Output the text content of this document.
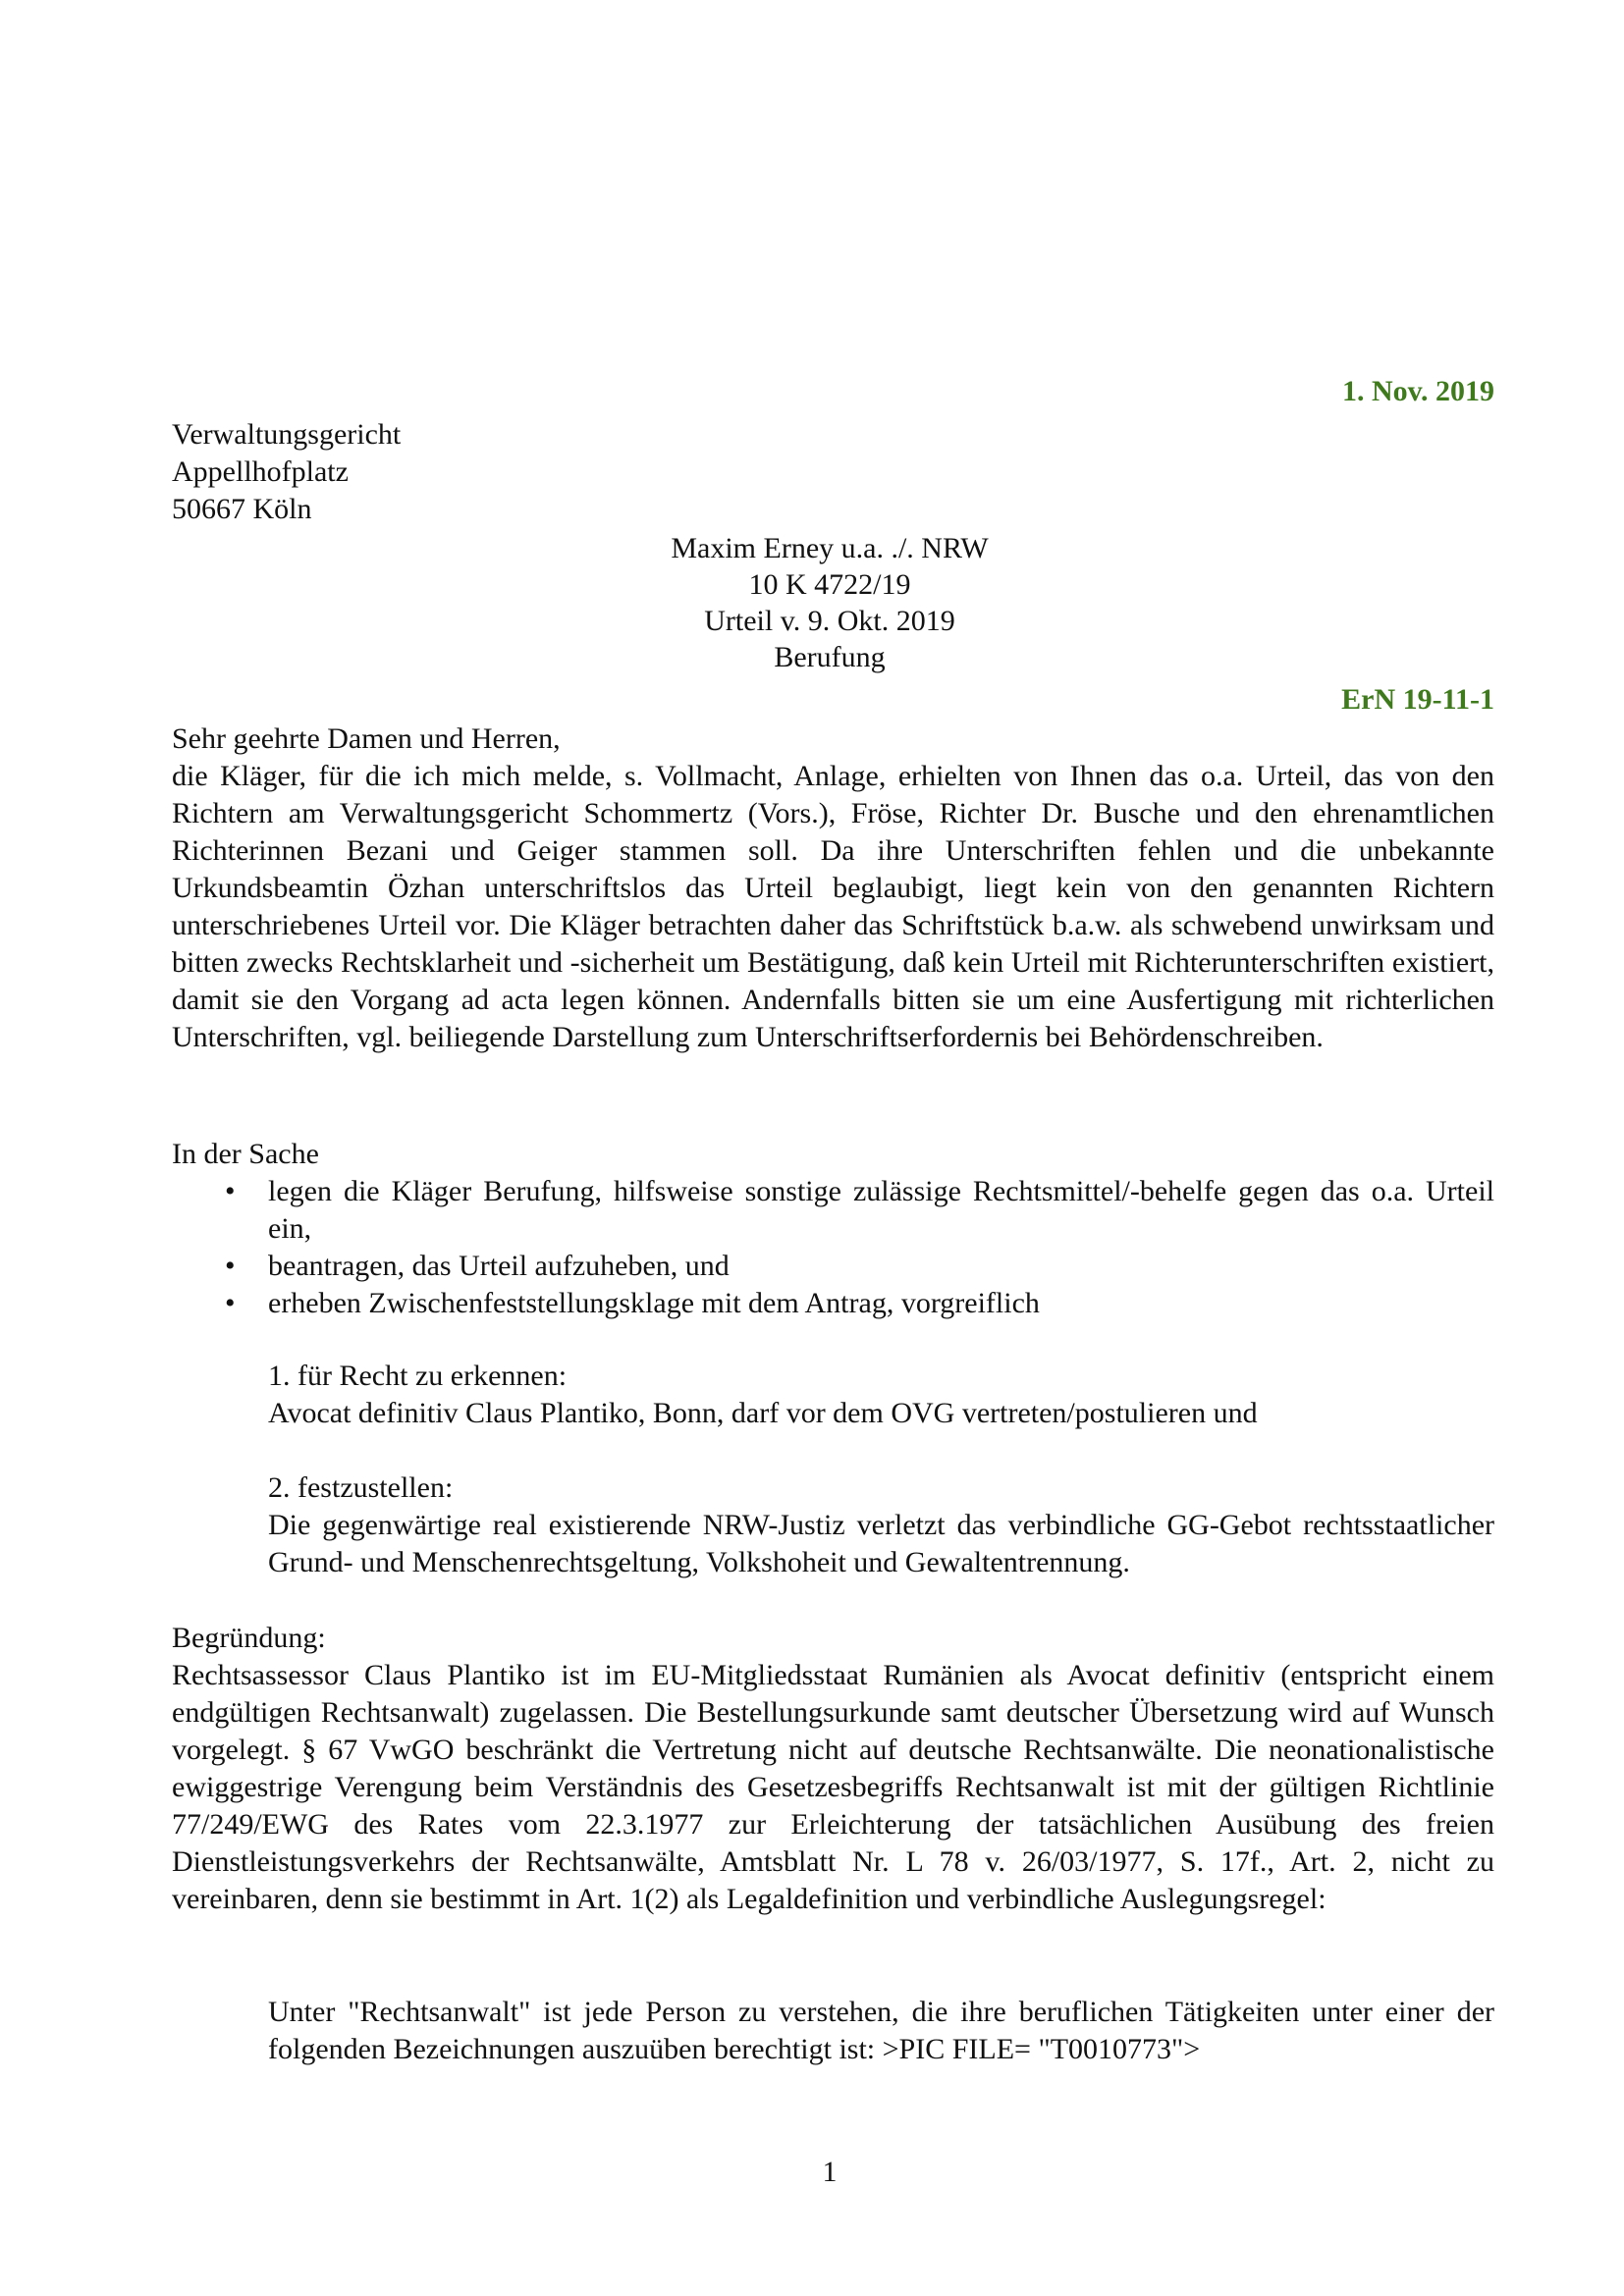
1. Nov. 2019
Verwaltungsgericht
Appellhofplatz
50667 Köln
Maxim Erney u.a. ./. NRW
10 K 4722/19
Urteil v. 9. Okt. 2019
Berufung
ErN 19-11-1
Sehr geehrte Damen und Herren,
die Kläger, für die ich mich melde, s. Vollmacht, Anlage, erhielten von Ihnen das o.a. Urteil, das von den Richtern am Verwaltungsgericht Schommertz (Vors.), Fröse, Richter Dr. Busche und den ehrenamtlichen Richterinnen Bezani und Geiger stammen soll. Da ihre Unterschriften fehlen und die unbekannte Urkundsbeamtin Özhan unterschriftslos das Urteil beglaubigt, liegt kein von den genannten Richtern unterschriebenes Urteil vor. Die Kläger betrachten daher das Schriftstück b.a.w. als schwebend unwirksam und bitten zwecks Rechtsklarheit und -sicherheit um Bestätigung, daß kein Urteil mit Richterunterschriften existiert, damit sie den Vorgang ad acta legen können. Andernfalls bitten sie um eine Ausfertigung mit richterlichen Unterschriften, vgl. beiliegende Darstellung zum Unterschriftserfordernis bei Behördenschreiben.
In der Sache
• legen die Kläger Berufung, hilfsweise sonstige zulässige Rechtsmittel/-behelfe gegen das o.a. Urteil ein,
• beantragen, das Urteil aufzuheben, und
• erheben Zwischenfeststellungsklage mit dem Antrag, vorgreiflich
1. für Recht zu erkennen:
Avocat definitiv Claus Plantiko, Bonn, darf vor dem OVG vertreten/postulieren und
2. festzustellen:
Die gegenwärtige real existierende NRW-Justiz verletzt das verbindliche GG-Gebot rechtsstaatlicher Grund- und Menschenrechtsgeltung, Volkshoheit und Gewaltentrennung.
Begründung:
Rechtsassessor Claus Plantiko ist im EU-Mitgliedsstaat Rumänien als Avocat definitiv (entspricht einem endgültigen Rechtsanwalt) zugelassen. Die Bestellungsurkunde samt deutscher Übersetzung wird auf Wunsch vorgelegt. § 67 VwGO beschränkt die Vertretung nicht auf deutsche Rechtsanwälte. Die neonationalistische ewiggestrige Verengung beim Verständnis des Gesetzesbegriffs Rechtsanwalt ist mit der gültigen Richtlinie 77/249/EWG des Rates vom 22.3.1977 zur Erleichterung der tatsächlichen Ausübung des freien Dienstleistungsverkehrs der Rechtsanwälte, Amtsblatt Nr. L 78 v. 26/03/1977, S. 17f., Art. 2, nicht zu vereinbaren, denn sie bestimmt in Art. 1(2) als Legaldefinition und verbindliche Auslegungsregel:
Unter "Rechtsanwalt" ist jede Person zu verstehen, die ihre beruflichen Tätigkeiten unter einer der folgenden Bezeichnungen auszuüben berechtigt ist: >PIC FILE= "T0010773">
1
